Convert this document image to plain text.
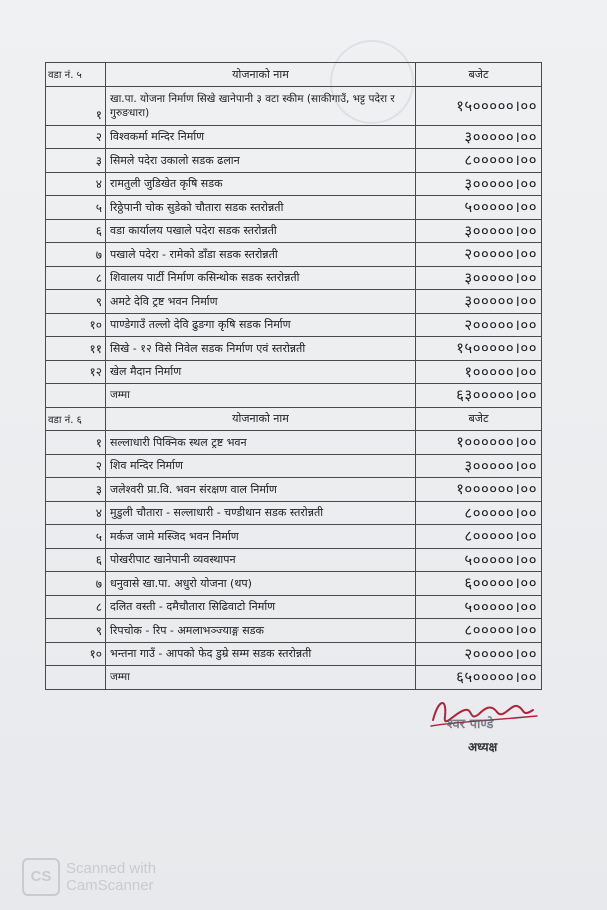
वडा नं. ५	योजनाको नाम	बजेट
१	खा.पा. योजना निर्माण सिखे खानेपानी ३ वटा स्कीम (साकीगाउँ, भट्ट पदेरा र गुरुङधारा)	१५०००००।००
२	विश्वकर्मा मन्दिर निर्माण	३०००००।००
३	सिमले पदेरा उकालो सडक ढलान	८०००००।००
४	रामतुली जुडिखेत कृषि सडक	३०००००।००
५	रिठ्ठेपानी चोक सुडेको चौतारा सडक स्तरोन्नती	५०००००।००
६	वडा कार्यालय पखाले पदेरा सडक स्तरोन्नती	३०००००।००
७	पखाले पदेरा - रामेको डाँडा सडक स्तरोन्नती	२०००००।००
८	शिवालय पार्टी निर्माण कसिन्थोक सडक स्तरोन्नती	३०००००।००
९	अमटे देवि ट्रष्ट भवन निर्माण	३०००००।००
१०	पाण्डेगाउँ तल्लो देवि ढुङगा कृषि सडक निर्माण	२०००००।००
११	सिखे - १२ विसे निवेल सडक निर्माण एवं स्तरोन्नती	१५०००००।००
१२	खेल मैदान निर्माण	१०००००।००
	जम्मा	६३०००००।००
वडा नं. ६	योजनाको नाम	बजेट
१	सल्लाधारी पिक्निक स्थल ट्रष्ट भवन	१००००००।००
२	शिव मन्दिर निर्माण	३०००००।००
३	जलेश्वरी प्रा.वि. भवन संरक्षण वाल निर्माण	१००००००।००
४	मुडुली चौतारा - सल्लाधारी - चण्डीथान सडक स्तरोन्नती	८०००००।००
५	मर्कज जामे मस्जिद भवन निर्माण	८०००००।००
६	पोखरीपाट खानेपानी व्यवस्थापन	५०००००।००
७	धनुवासे खा.पा. अधुरो योजना (थप)	६०००००।००
८	दलित वस्ती - दमैचौतारा सिढिवाटो निर्माण	५०००००।००
९	रिपचोक - रिप - अमलाभञ्ज्याङ्ग सडक	८०००००।००
१०	भन्तना गाउँ - आपको फेद डुम्रे सम्म सडक स्तरोन्नती	२०००००।००
	जम्मा	६५०००००।००
श्वर पाण्डे
अध्यक्ष
CS Scanned with
CamScanner
